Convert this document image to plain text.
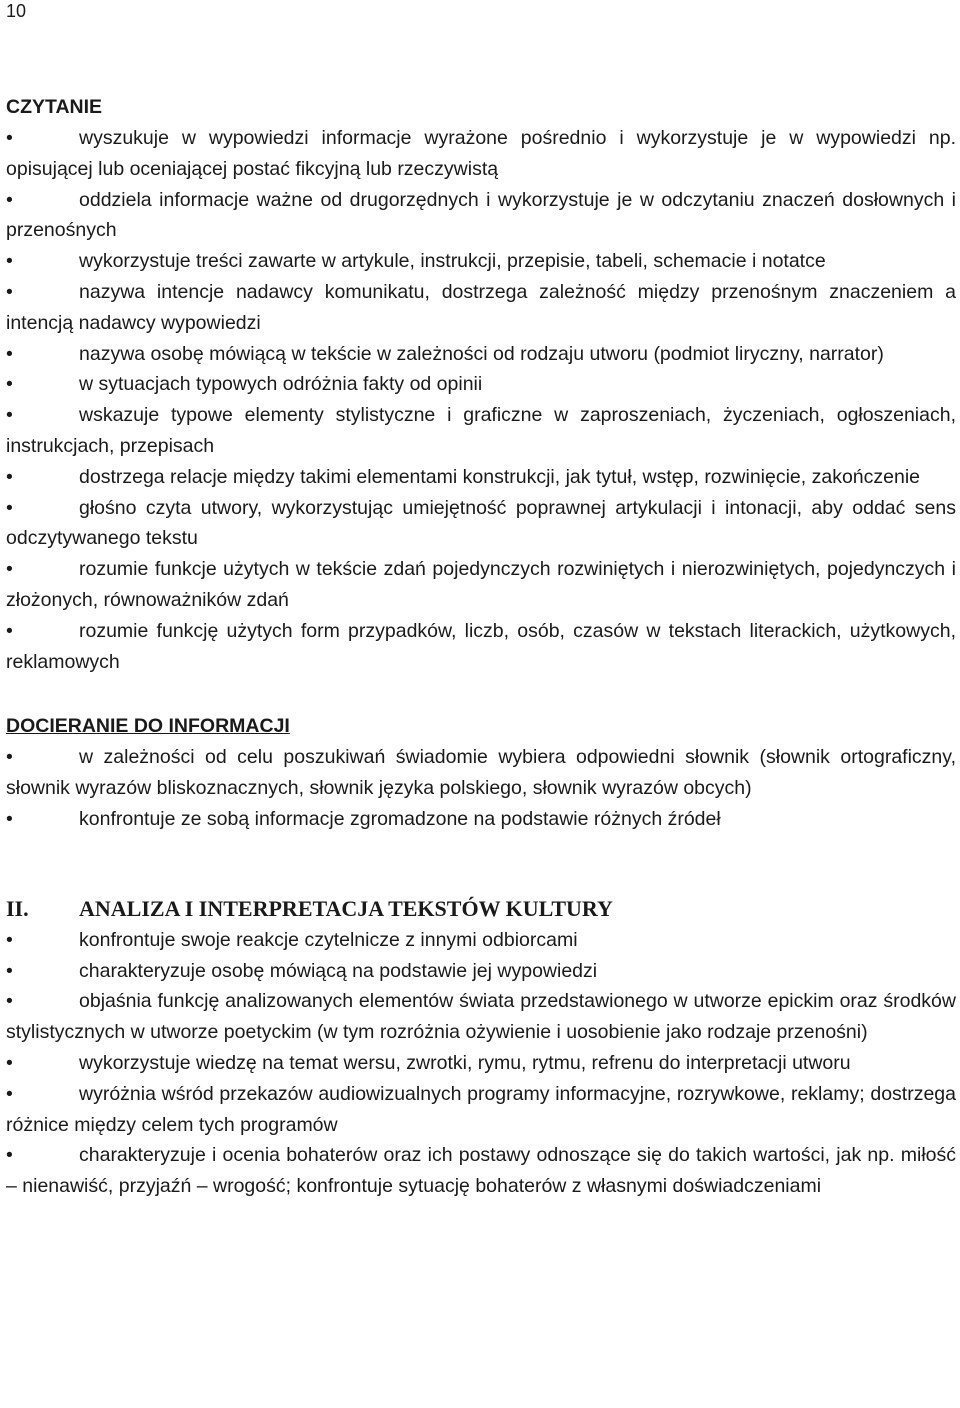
10
CZYTANIE
•	wyszukuje w wypowiedzi informacje wyrażone pośrednio i wykorzystuje je w wypowiedzi np. opisującej lub oceniającej postać fikcyjną lub rzeczywistą
•	oddziela informacje ważne od drugorzędnych i wykorzystuje je w odczytaniu znaczeń dosłownych i przenośnych
•	wykorzystuje treści zawarte w artykule, instrukcji, przepisie, tabeli, schemacie i notatce
•	nazywa intencje nadawcy komunikatu, dostrzega zależność między przenośnym znaczeniem a intencją nadawcy wypowiedzi
•	nazywa osobę mówiącą w tekście w zależności od rodzaju utworu (podmiot liryczny, narrator)
•	w sytuacjach typowych odróżnia fakty od opinii
•	wskazuje typowe elementy stylistyczne i graficzne w zaproszeniach, życzeniach, ogłoszeniach, instrukcjach, przepisach
•	dostrzega relacje między takimi elementami konstrukcji, jak tytuł, wstęp, rozwinięcie, zakończenie
•	głośno czyta utwory, wykorzystując umiejętność poprawnej artykulacji i intonacji, aby oddać sens odczytywanego tekstu
•	rozumie funkcje użytych w tekście zdań pojedynczych rozwiniętych i nierozwiniętych, pojedynczych i złożonych, równoważników zdań
•	rozumie funkcję użytych form przypadków, liczb, osób, czasów w tekstach literackich, użytkowych, reklamowych
DOCIERANIE DO INFORMACJI
•	w zależności od celu poszukiwań świadomie wybiera odpowiedni słownik (słownik ortograficzny, słownik wyrazów bliskoznacznych, słownik języka polskiego, słownik wyrazów obcych)
•	konfrontuje ze sobą informacje zgromadzone na podstawie różnych źródeł
II.	ANALIZA I INTERPRETACJA TEKSTÓW KULTURY
•	konfrontuje swoje reakcje czytelnicze z innymi odbiorcami
•	charakteryzuje osobę mówiącą na podstawie jej wypowiedzi
•	objaśnia funkcję analizowanych elementów świata przedstawionego w utworze epickim oraz środków stylistycznych w utworze poetyckim (w tym rozróżnia ożywienie i uosobienie jako rodzaje przenośni)
•	wykorzystuje wiedzę na temat wersu, zwrotki, rymu, rytmu, refrenu do interpretacji utworu
•	wyróżnia wśród przekazów audiowizualnych programy informacyjne, rozrywkowe, reklamy; dostrzega różnice między celem tych programów
•	charakteryzuje i ocenia bohaterów oraz ich postawy odnoszące się do takich wartości, jak np. miłość – nienawiść, przyjaźń – wrogość; konfrontuje sytuację bohaterów z własnymi doświadczeniami
